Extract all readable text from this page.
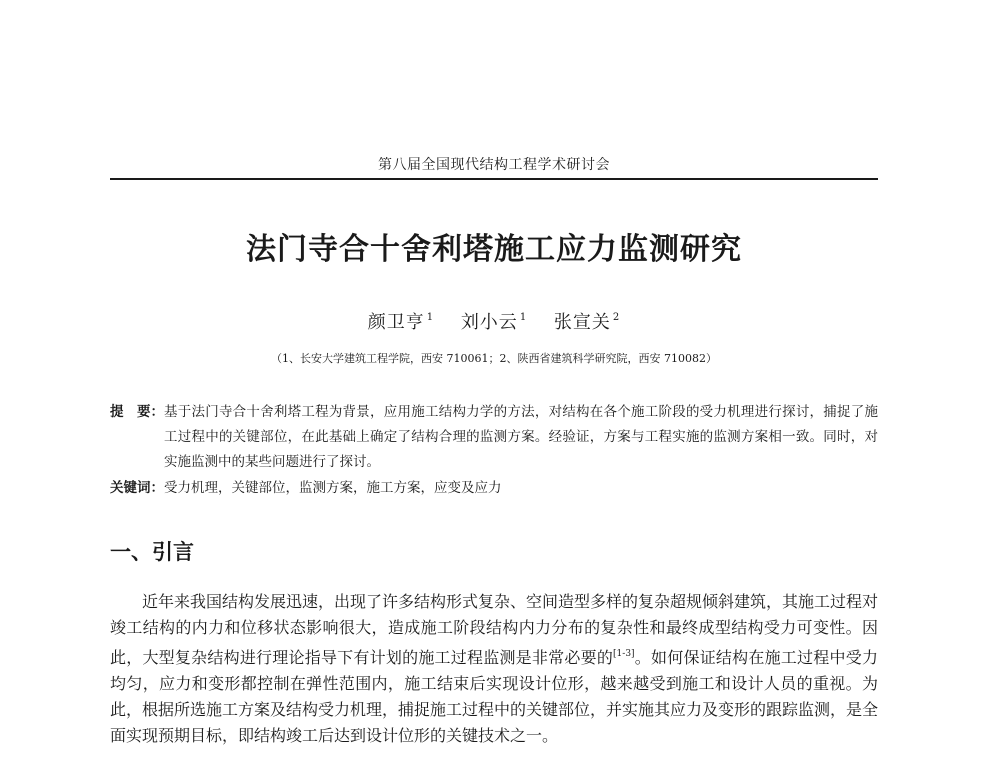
第八届全国现代结构工程学术研讨会
法门寺合十舍利塔施工应力监测研究
颜卫亨 $^1$ 刘小云 $^1$ 张宣关 $^2$
（1、长安大学建筑工程学院，西安 710061；2、陕西省建筑科学研究院，西安 710082）
提　要： 基于法门寺合十舍利塔工程为背景，应用施工结构力学的方法，对结构在各个施工阶段的受力机理进行探讨，捕捉了施工过程中的关键部位，在此基础上确定了结构合理的监测方案。经验证，方案与工程实施的监测方案相一致。同时，对实施监测中的某些问题进行了探讨。
关键词：受力机理，关键部位，监测方案，施工方案，应变及应力
一、引言

近年来我国结构发展迅速，出现了许多结构形式复杂、空间造型多样的复杂超规倾斜建筑，其施工过程对竣工结构的内力和位移状态影响很大，造成施工阶段结构内力分布的复杂性和最终成型结构受力可变性。因此，大型复杂结构进行理论指导下有计划的施工过程监测是非常必要的[1-3]。如何保证结构在施工过程中受力均匀，应力和变形都控制在弹性范围内，施工结束后实现设计位形，越来越受到施工和设计人员的重视。为此，根据所选施工方案及结构受力机理，捕捉施工过程中的关键部位，并实施其应力及变形的跟踪监测，是全面实现预期目标，即结构竣工后达到设计位形的关键技术之一。
